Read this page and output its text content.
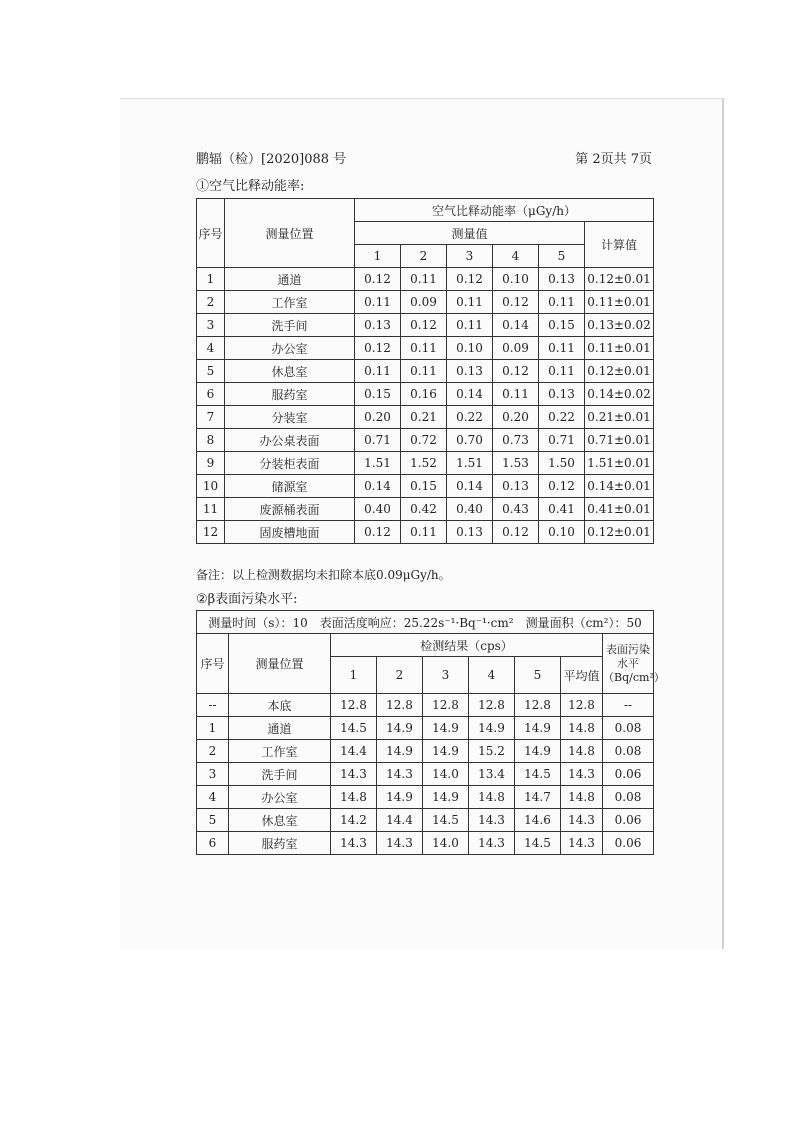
鹏辐（检）[2020]088 号	第 2页共 7页
①空气比释动能率:
序号	测量位置	空气比释动能率（μGy/h）					
		测量值					计算值
		1	2	3	4	5	
1	通道	0.12	0.11	0.12	0.10	0.13	0.12±0.01
2	工作室	0.11	0.09	0.11	0.12	0.11	0.11±0.01
3	洗手间	0.13	0.12	0.11	0.14	0.15	0.13±0.02
4	办公室	0.12	0.11	0.10	0.09	0.11	0.11±0.01
5	休息室	0.11	0.11	0.13	0.12	0.11	0.12±0.01
6	服药室	0.15	0.16	0.14	0.11	0.13	0.14±0.02
7	分装室	0.20	0.21	0.22	0.20	0.22	0.21±0.01
8	办公桌表面	0.71	0.72	0.70	0.73	0.71	0.71±0.01
9	分装柜表面	1.51	1.52	1.51	1.53	1.50	1.51±0.01
10	储源室	0.14	0.15	0.14	0.13	0.12	0.14±0.01
11	废源桶表面	0.40	0.42	0.40	0.43	0.41	0.41±0.01
12	固废槽地面	0.12	0.11	0.13	0.12	0.10	0.12±0.01
备注：以上检测数据均未扣除本底0.09μGy/h。
②β表面污染水平:
测量时间（s）：10　表面活度响应：25.22s⁻¹·Bq⁻¹·cm²　测量面积（cm²）：50								
序号	测量位置	检测结果（cps）						表面污染水平（Bq/cm²）
		1	2	3	4	5	平均值	
--	本底	12.8	12.8	12.8	12.8	12.8	12.8	--
1	通道	14.5	14.9	14.9	14.9	14.9	14.8	0.08
2	工作室	14.4	14.9	14.9	15.2	14.9	14.8	0.08
3	洗手间	14.3	14.3	14.0	13.4	14.5	14.3	0.06
4	办公室	14.8	14.9	14.9	14.8	14.7	14.8	0.08
5	休息室	14.2	14.4	14.5	14.3	14.6	14.3	0.06
6	服药室	14.3	14.3	14.0	14.3	14.5	14.3	0.06
